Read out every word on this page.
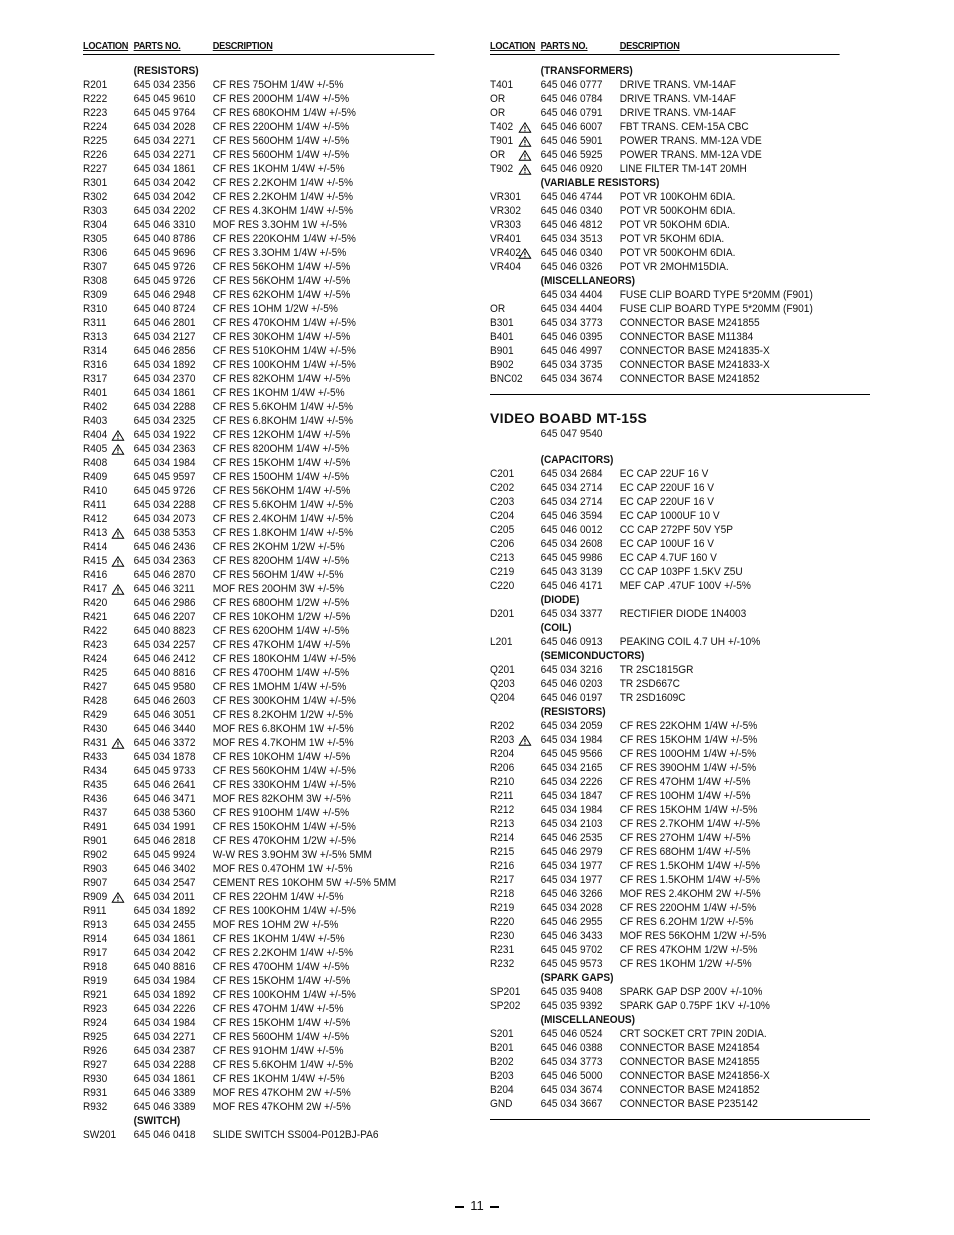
LOCATION PARTS NO.	DESCRIPTION
(RESISTORS)
R201 645 034 2356 CF RES 75OHM 1/4W +/-5%
R222 645 045 9610 CF RES 200OHM 1/4W +/-5%
R223 645 045 9764 CF RES 680KOHM 1/4W +/-5%
R224 645 034 2028 CF RES 220OHM 1/4W +/-5%
R225 645 034 2271 CF RES 560OHM 1/4W +/-5%
R226 645 034 2271 CF RES 560OHM 1/4W +/-5%
R227 645 034 1861 CF RES 1KOHM 1/4W +/-5%
R301 645 034 2042 CF RES 2.2KOHM 1/4W +/-5%
R302 645 034 2042 CF RES 2.2KOHM 1/4W +/-5%
R303 645 034 2202 CF RES 4.3KOHM 1/4W +/-5%
R304 645 046 3310 MOF RES 3.3OHM 1W +/-5%
R305 645 040 8786 CF RES 220KOHM 1/4W +/-5%
R306 645 045 9696 CF RES 3.3OHM 1/4W +/-5%
R307 645 045 9726 CF RES 56KOHM 1/4W +/-5%
R308 645 045 9726 CF RES 56KOHM 1/4W +/-5%
R309 645 046 2948 CF RES 62KOHM 1/4W +/-5%
R310 645 040 8724 CF RES 1OHM 1/2W +/-5%
R311 645 046 2801 CF RES 470KOHM 1/4W +/-5%
R313 645 034 2127 CF RES 30KOHM 1/4W +/-5%
R314 645 046 2856 CF RES 510KOHM 1/4W +/-5%
R316 645 034 1892 CF RES 100KOHM 1/4W +/-5%
R317 645 034 2370 CF RES 82KOHM 1/4W +/-5%
R401 645 034 1861 CF RES 1KOHM 1/4W +/-5%
R402 645 034 2288 CF RES 5.6KOHM 1/4W +/-5%
R403 645 034 2325 CF RES 6.8KOHM 1/4W +/-5%
R404 645 034 1922 CF RES 12KOHM 1/4W +/-5%
R405 645 034 2363 CF RES 820OHM 1/4W +/-5%
R408 645 034 1984 CF RES 15KOHM 1/4W +/-5%
R409 645 045 9597 CF RES 150OHM 1/4W +/-5%
R410 645 045 9726 CF RES 56KOHM 1/4W +/-5%
R411 645 034 2288 CF RES 5.6KOHM 1/4W +/-5%
R412 645 034 2073 CF RES 2.4KOHM 1/4W +/-5%
R413 645 038 5353 CF RES 1.8KOHM 1/4W +/-5%
R414 645 046 2436 CF RES 2KOHM 1/2W +/-5%
R415 645 034 2363 CF RES 820OHM 1/4W +/-5%
R416 645 046 2870 CF RES 56OHM 1/4W +/-5%
R417 645 046 3211 MOF RES 20OHM 3W +/-5%
R420 645 046 2986 CF RES 680OHM 1/2W +/-5%
R421 645 046 2207 CF RES 10KOHM 1/2W +/-5%
R422 645 040 8823 CF RES 620OHM 1/4W +/-5%
R423 645 034 2257 CF RES 47KOHM 1/4W +/-5%
R424 645 046 2412 CF RES 180KOHM 1/4W +/-5%
R425 645 040 8816 CF RES 470OHM 1/4W +/-5%
R427 645 045 9580 CF RES 1MOHM 1/4W +/-5%
R428 645 046 2603 CF RES 300KOHM 1/4W +/-5%
R429 645 046 3051 CF RES 8.2KOHM 1/2W +/-5%
R430 645 046 3440 MOF RES 6.8KOHM 1W +/-5%
R431 645 046 3372 MOF RES 4.7KOHM 1W +/-5%
R433 645 034 1878 CF RES 10KOHM 1/4W +/-5%
R434 645 045 9733 CF RES 560KOHM 1/4W +/-5%
R435 645 046 2641 CF RES 330KOHM 1/4W +/-5%
R436 645 046 3471 MOF RES 82KOHM 3W +/-5%
R437 645 038 5360 CF RES 910OHM 1/4W +/-5%
R491 645 034 1991 CF RES 150KOHM 1/4W +/-5%
R901 645 046 2818 CF RES 470KOHM 1/2W +/-5%
R902 645 045 9924 W-W RES 3.9OHM 3W +/-5% 5MM
R903 645 046 3402 MOF RES 0.47OHM 1W +/-5%
R907 645 034 2547 CEMENT RES 10KOHM 5W +/-5% 5MM
R909 645 034 2011 CF RES 22OHM 1/4W +/-5%
R911 645 034 1892 CF RES 100KOHM 1/4W +/-5%
R913 645 034 2455 MOF RES 1OHM 2W +/-5%
R914 645 034 1861 CF RES 1KOHM 1/4W +/-5%
R917 645 034 2042 CF RES 2.2KOHM 1/4W +/-5%
R918 645 040 8816 CF RES 470OHM 1/4W +/-5%
R919 645 034 1984 CF RES 15KOHM 1/4W +/-5%
R921 645 034 1892 CF RES 100KOHM 1/4W +/-5%
R923 645 034 2226 CF RES 47OHM 1/4W +/-5%
R924 645 034 1984 CF RES 15KOHM 1/4W +/-5%
R925 645 034 2271 CF RES 560OHM 1/4W +/-5%
R926 645 034 2387 CF RES 91OHM 1/4W +/-5%
R927 645 034 2288 CF RES 5.6KOHM 1/4W +/-5%
R930 645 034 1861 CF RES 1KOHM 1/4W +/-5%
R931 645 046 3389 MOF RES 47KOHM 2W +/-5%
R932 645 046 3389 MOF RES 47KOHM 2W +/-5%
(SWITCH)
SW201 645 046 0418 SLIDE SWITCH SS004-P012BJ-PA6
LOCATION PARTS NO.	DESCRIPTION
(TRANSFORMERS)
T401	645 046 0777 DRIVE TRANS. VM-14AF
OR	645 046 0784 DRIVE TRANS. VM-14AF
OR	645 046 0791 DRIVE TRANS. VM-14AF
T402	645 046 6007 FBT TRANS. CEM-15A CBC
T901	645 046 5901 POWER TRANS. MM-12A VDE
OR	645 046 5925 POWER TRANS. MM-12A VDE
T902	645 046 0920 LINE FILTER TM-14T 20MH
(VARIABLE RESISTORS)
VR301 645 046 4744 POT VR 100KOHM 6DIA.
VR302 645 046 0340 POT VR 500KOHM 6DIA.
VR303 645 046 4812 POT VR 50KOHM 6DIA.
VR401 645 034 3513 POT VR 5KOHM 6DIA.
VR402 645 046 0340 POT VR 500KOHM 6DIA.
VR404 645 046 0326 POT VR 2MOHM15DIA.
(MISCELLANEORS)
645 034 4404 FUSE CLIP BOARD TYPE 5*20MM (F901)
OR	645 034 4404 FUSE CLIP BOARD TYPE 5*20MM (F901)
B301 645 034 3773 CONNECTOR BASE M241855
B401 645 046 0395 CONNECTOR BASE M11384
B901 645 046 4997 CONNECTOR BASE M241835-X
B902 645 034 3735 CONNECTOR BASE M241833-X
BNC02 645 034 3674 CONNECTOR BASE M241852
VIDEO BOABD MT-15S
645 047 9540
(CAPACITORS)
C201 645 034 2684 EC CAP 22UF 16 V
C202 645 034 2714 EC CAP 220UF 16 V
C203 645 034 2714 EC CAP 220UF 16 V
C204 645 046 3594 EC CAP 1000UF 10 V
C205 645 046 0012 CC CAP 272PF 50V Y5P
C206 645 034 2608 EC CAP 100UF 16 V
C213 645 045 9986 EC CAP 4.7UF 160 V
C219 645 043 3139 CC CAP 103PF 1.5KV Z5U
C220 645 046 4171 MEF CAP .47UF 100V +/-5%
(DIODE)
D201 645 034 3377 RECTIFIER DIODE 1N4003
(COIL)
L201	645 046 0913 PEAKING COIL 4.7 UH +/-10%
(SEMICONDUCTORS)
Q201 645 034 3216 TR 2SC1815GR
Q203 645 046 0203 TR 2SD667C
Q204 645 046 0197 TR 2SD1609C
(RESISTORS)
R202 645 034 2059 CF RES 22KOHM 1/4W +/-5%
R203 645 034 1984 CF RES 15KOHM 1/4W +/-5%
R204 645 045 9566 CF RES 100OHM 1/4W +/-5%
R206 645 034 2165 CF RES 390OHM 1/4W +/-5%
R210 645 034 2226 CF RES 47OHM 1/4W +/-5%
R211 645 034 1847 CF RES 10OHM 1/4W +/-5%
R212 645 034 1984 CF RES 15KOHM 1/4W +/-5%
R213 645 034 2103 CF RES 2.7KOHM 1/4W +/-5%
R214 645 046 2535 CF RES 27OHM 1/4W +/-5%
R215 645 046 2979 CF RES 68OHM 1/4W +/-5%
R216 645 034 1977 CF RES 1.5KOHM 1/4W +/-5%
R217 645 034 1977 CF RES 1.5KOHM 1/4W +/-5%
R218 645 046 3266 MOF RES 2.4KOHM 2W +/-5%
R219 645 034 2028 CF RES 220OHM 1/4W +/-5%
R220 645 046 2955 CF RES 6.2OHM 1/2W +/-5%
R230 645 046 3433 MOF RES 56KOHM 1/2W +/-5%
R231 645 045 9702 CF RES 47KOHM 1/2W +/-5%
R232 645 045 9573 CF RES 1KOHM 1/2W +/-5%
(SPARK GAPS)
SP201 645 035 9408 SPARK GAP DSP 200V +/-10%
SP202 645 035 9392 SPARK GAP 0.75PF 1KV +/-10%
(MISCELLANEOUS)
S201 645 046 0524 CRT SOCKET CRT 7PIN 20DIA.
B201 645 046 0388 CONNECTOR BASE M241854
B202 645 034 3773 CONNECTOR BASE M241855
B203 645 046 5000 CONNECTOR BASE M241856-X
B204 645 034 3674 CONNECTOR BASE M241852
GND	645 034 3667 CONNECTOR BASE P235142
11
